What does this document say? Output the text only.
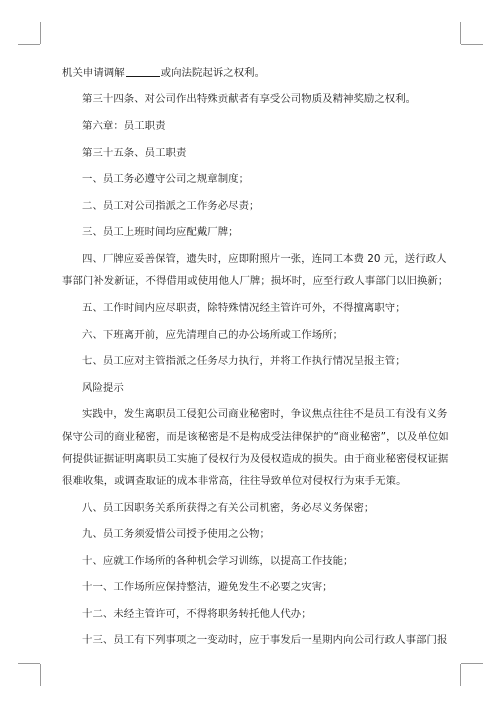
机关申请调解	或向法院起诉之权利。
第三十四条、对公司作出特殊贡献者有享受公司物质及精神奖励之权利。
第六章：员工职责
第三十五条、员工职责
一、员工务必遵守公司之规章制度；
二、员工对公司指派之工作务必尽责；
三、员工上班时间均应配戴厂牌；
四、厂牌应妥善保管，遗失时，应即附照片一张，连同工本费 20 元，送行政人
事部门补发新证，不得借用或使用他人厂牌；损坏时，应至行政人事部门以旧换新；
五、工作时间内应尽职责，除特殊情况经主管许可外，不得擅离职守；
六、下班离开前，应先清理自己的办公场所或工作场所；
七、员工应对主管指派之任务尽力执行，并将工作执行情况呈报主管；
风险提示
实践中，发生离职员工侵犯公司商业秘密时，争议焦点往往不是员工有没有义务
保守公司的商业秘密，而是该秘密是不是构成受法律保护的“商业秘密”，以及单位如
何提供证据证明离职员工实施了侵权行为及侵权造成的损失。由于商业秘密侵权证据
很难收集，或调查取证的成本非常高，往往导致单位对侵权行为束手无策。
八、员工因职务关系所获得之有关公司机密，务必尽义务保密；
九、员工务须爱惜公司授予使用之公物；
十、应就工作场所的各种机会学习训练，以提高工作技能；
十一、工作场所应保持整洁，避免发生不必要之灾害；
十二、未经主管许可，不得将职务转托他人代办；
十三、员工有下列事项之一变动时，应于事发后一星期内向公司行政人事部门报
